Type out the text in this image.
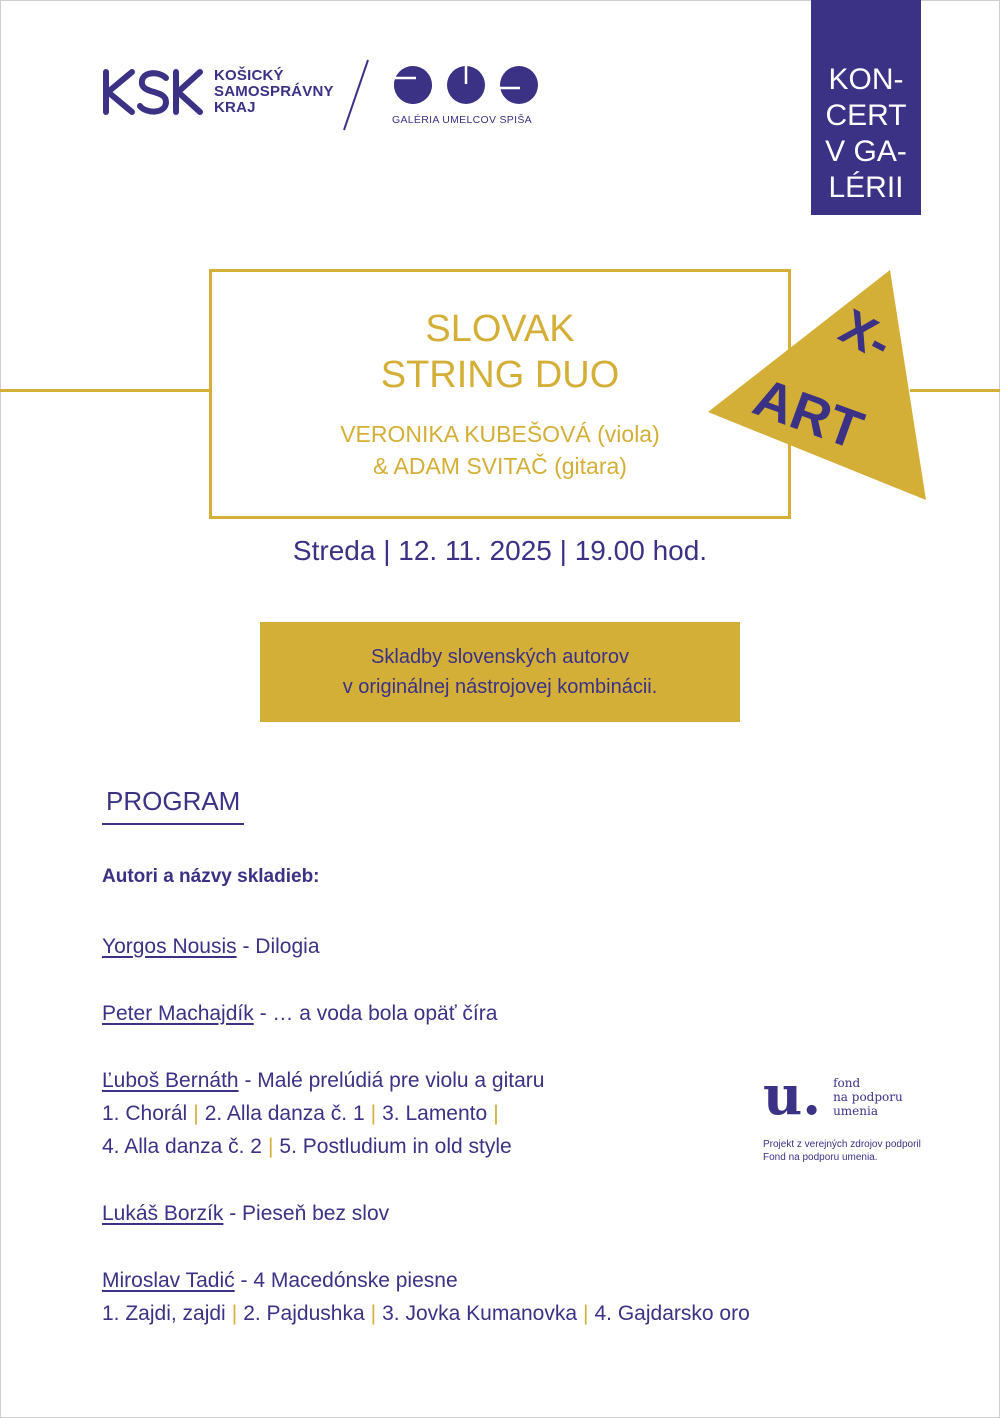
KOŠICKÝ
SAMOSPRÁVNY
KRAJ
GALÉRIA UMELCOV SPIŠA
KON-
CERT
V GA-
LÉRII
SLOVAK
STRING DUO
VERONIKA KUBEŠOVÁ (viola)
& ADAM SVITAČ (gitara)
X-
ART
Streda | 12. 11. 2025 | 19.00 hod.
Skladby slovenských autorov
v originálnej nástrojovej kombinácii.
PROGRAM
Autori a názvy skladieb:
Yorgos Nousis - Dilogia
Peter Machajdík - … a voda bola opäť číra
Ľuboš Bernáth - Malé prelúdiá pre violu a gitaru
1. Chorál | 2. Alla danza č. 1 | 3. Lamento |
4. Alla danza č. 2 | 5. Postludium in old style
Lukáš Borzík - Pieseň bez slov
Miroslav Tadić - 4 Macedónske piesne
1. Zajdi, zajdi | 2. Pajdushka | 3. Jovka Kumanovka | 4. Gajdarsko oro
u. fond
na podporu
umenia
Projekt z verejných zdrojov podporil
Fond na podporu umenia.
